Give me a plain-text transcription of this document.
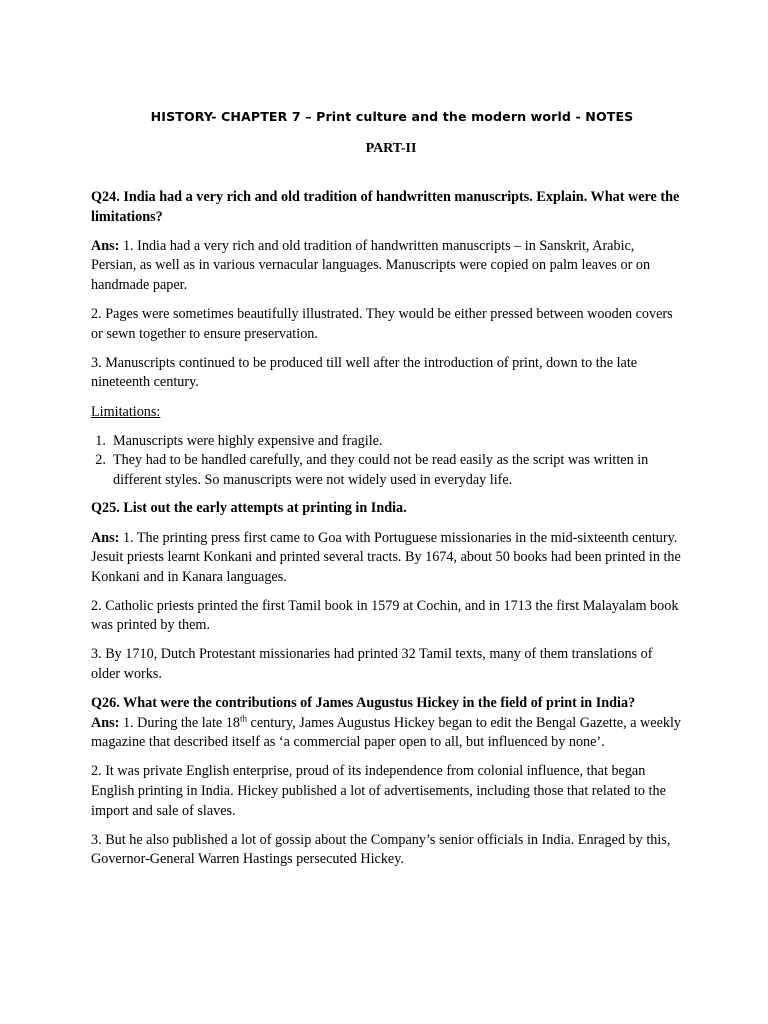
HISTORY- CHAPTER 7 – Print culture and the modern world - NOTES
PART-II

Q24. India had a very rich and old tradition of handwritten manuscripts. Explain. What were the limitations?

Ans: 1. India had a very rich and old tradition of handwritten manuscripts – in Sanskrit, Arabic, Persian, as well as in various vernacular languages. Manuscripts were copied on palm leaves or on handmade paper.

2. Pages were sometimes beautifully illustrated. They would be either pressed between wooden covers or sewn together to ensure preservation.

3. Manuscripts continued to be produced till well after the introduction of print, down to the late nineteenth century.

Limitations:

1. Manuscripts were highly expensive and fragile.
2. They had to be handled carefully, and they could not be read easily as the script was written in different styles. So manuscripts were not widely used in everyday life.

Q25. List out the early attempts at printing in India.

Ans: 1. The printing press first came to Goa with Portuguese missionaries in the mid-sixteenth century. Jesuit priests learnt Konkani and printed several tracts. By 1674, about 50 books had been printed in the Konkani and in Kanara languages.

2. Catholic priests printed the first Tamil book in 1579 at Cochin, and in 1713 the first Malayalam book was printed by them.

3. By 1710, Dutch Protestant missionaries had printed 32 Tamil texts, many of them translations of older works.

Q26. What were the contributions of James Augustus Hickey in the field of print in India?

Ans: 1. During the late 18th century, James Augustus Hickey began to edit the Bengal Gazette, a weekly magazine that described itself as ‘a commercial paper open to all, but influenced by none’.

2. It was private English enterprise, proud of its independence from colonial influence, that began English printing in India. Hickey published a lot of advertisements, including those that related to the import and sale of slaves.

3. But he also published a lot of gossip about the Company’s senior officials in India. Enraged by this, Governor-General Warren Hastings persecuted Hickey.
